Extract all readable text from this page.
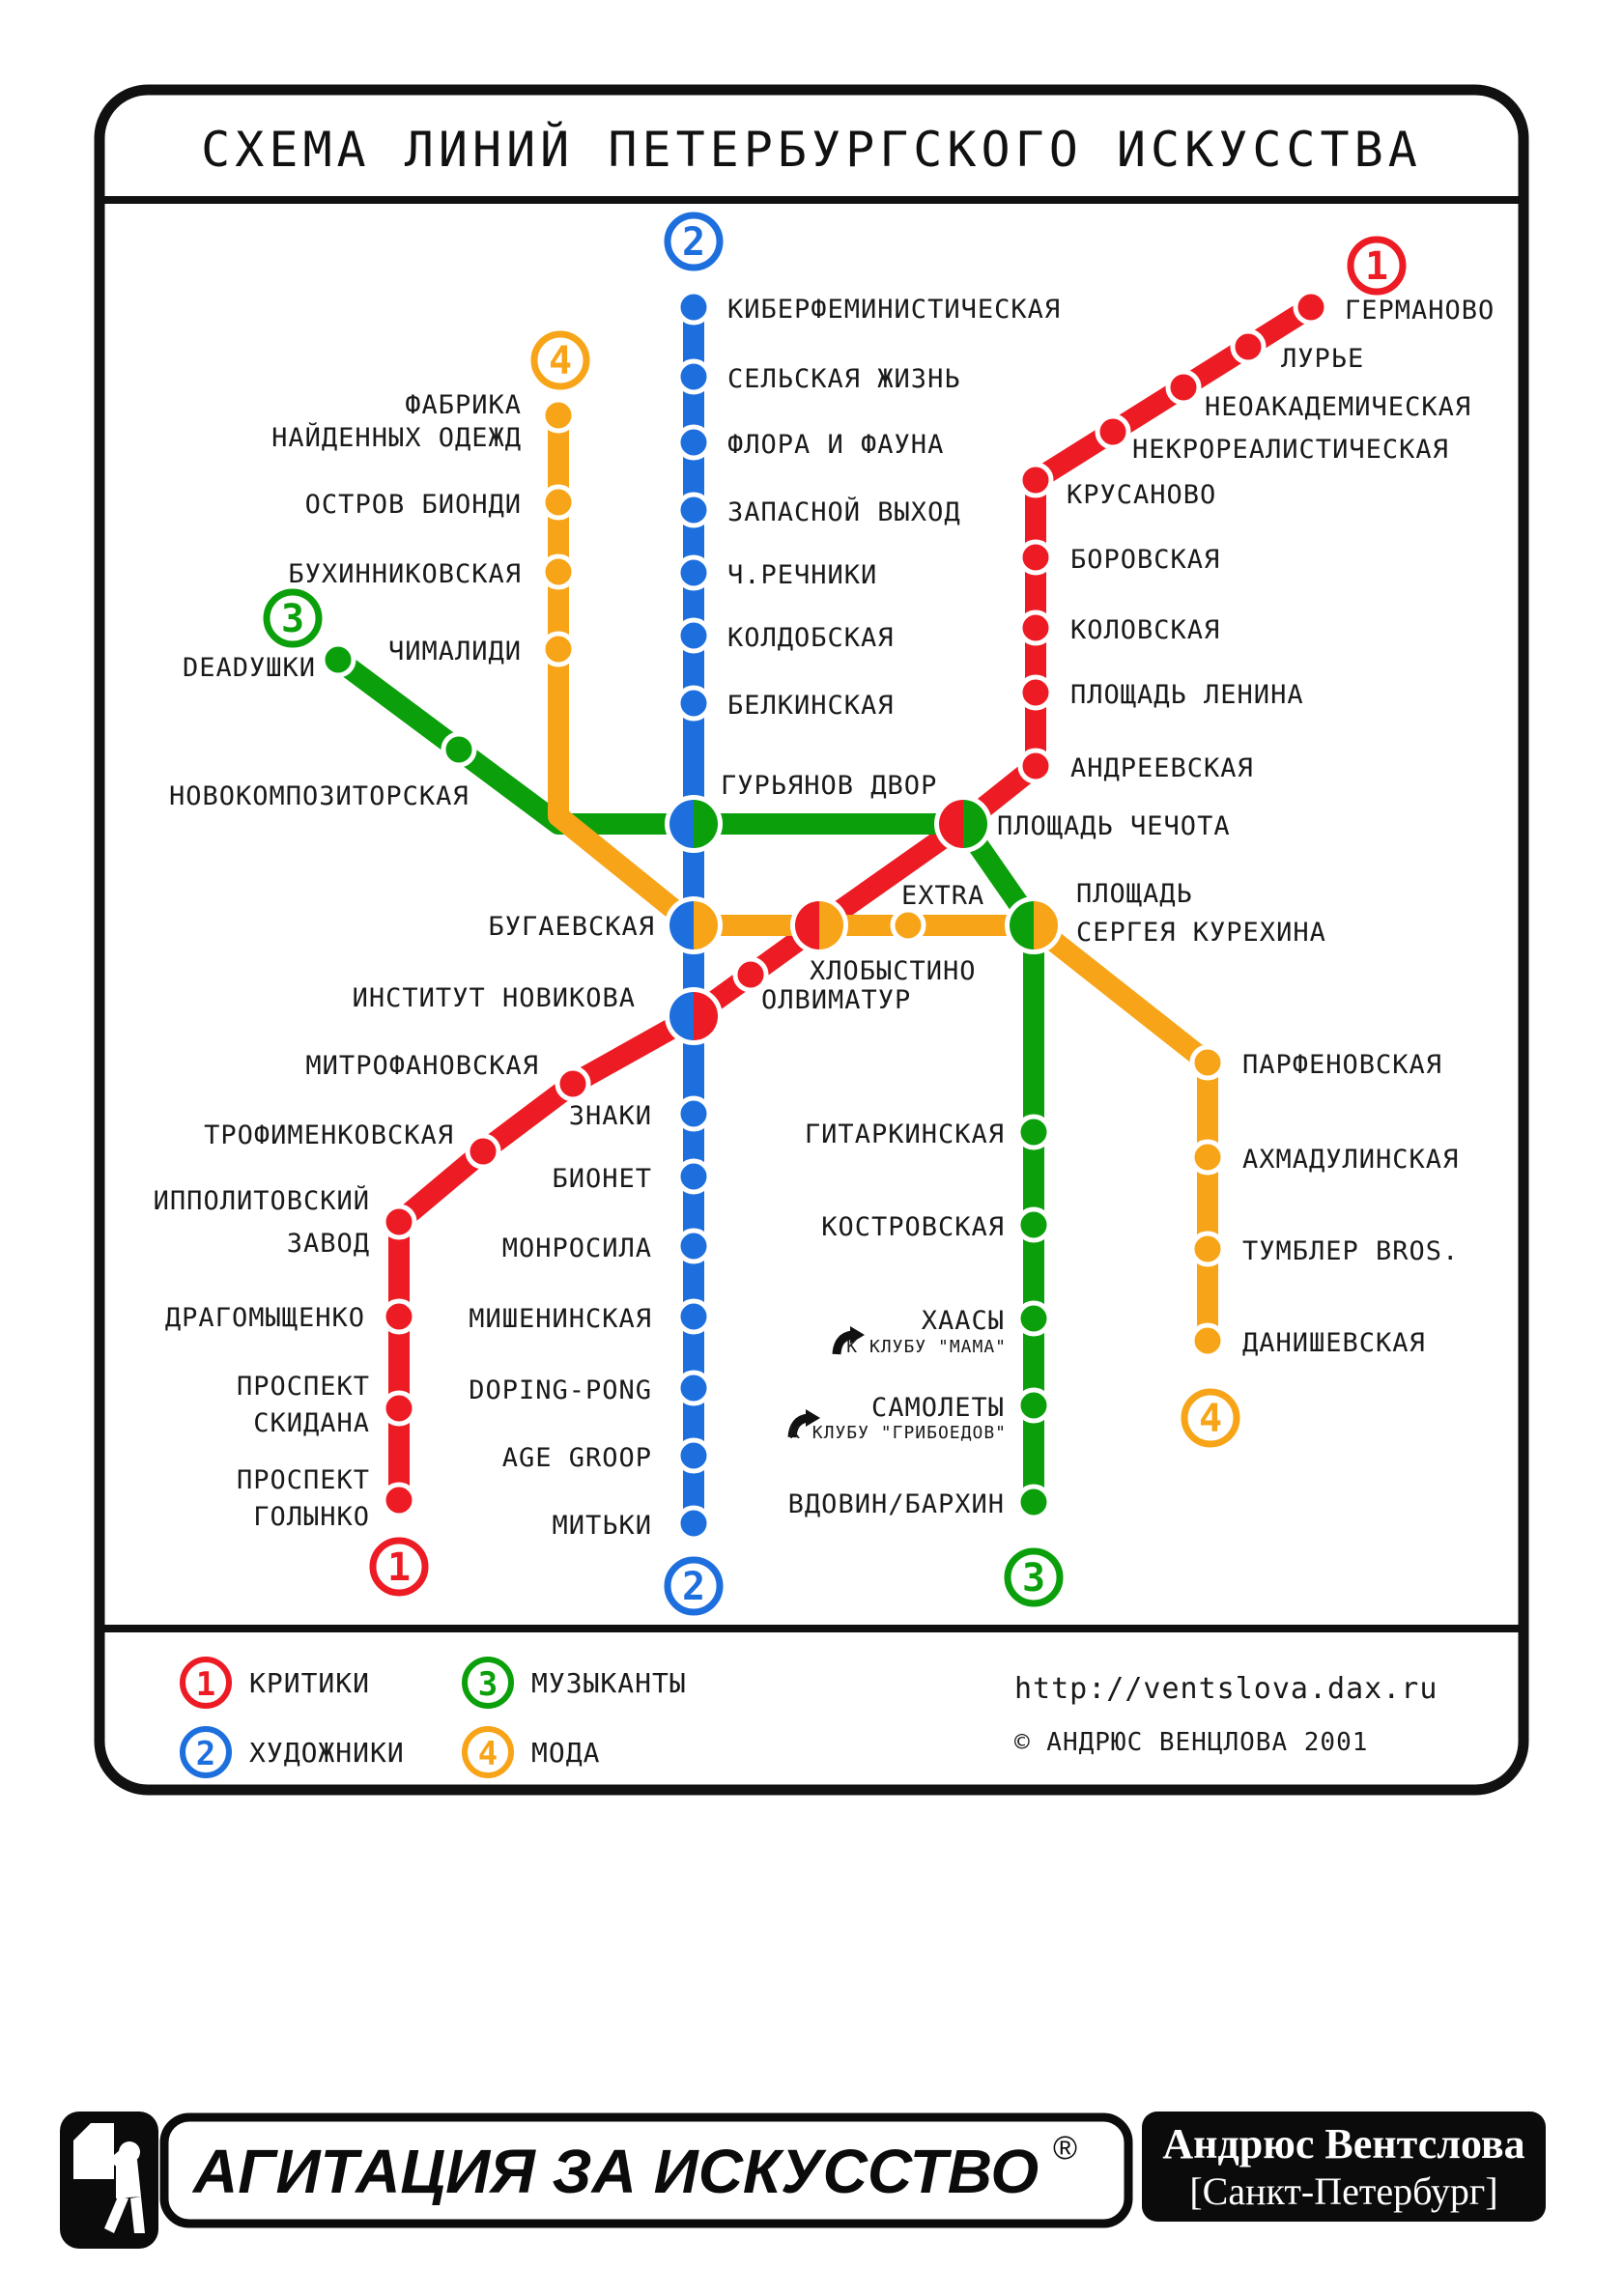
СХЕМА ЛИНИЙ ПЕТЕРБУРГСКОГО ИСКУССТВА
ГЕРМАНОВО
ЛУРЬЕ
НЕОАКАДЕМИЧЕСКАЯ
НЕКРОРЕАЛИСТИЧЕСКАЯ
КРУСАНОВО
БОРОВСКАЯ
КОЛОВСКАЯ
ПЛОЩАДЬ ЛЕНИНА
АНДРЕЕВСКАЯ
ОЛВИМАТУР
МИТРОФАНОВСКАЯ
ТРОФИМЕНКОВСКАЯ
ИППОЛИТОВСКИЙ
ЗАВОД
ДРАГОМЫЩЕНКО
ПРОСПЕКТ
СКИДАНА
ПРОСПЕКТ
ГОЛЫНКО
1
1
КИБЕРФЕМИНИСТИЧЕСКАЯ
СЕЛЬСКАЯ ЖИЗНЬ
ФЛОРА И ФАУНА
ЗАПАСНОЙ ВЫХОД
Ч.РЕЧНИКИ
КОЛДОБСКАЯ
БЕЛКИНСКАЯ
ЗНАКИ
БИОНЕТ
МОНРОСИЛА
МИШЕНИНСКАЯ
DOPING-PONG
AGE GROOP
МИТЬКИ
2
2
DEADУШКИ
НОВОКОМПОЗИТОРСКАЯ
ГИТАРКИНСКАЯ
КОСТРОВСКАЯ
ХААСЫ
К КЛУБУ "МАМА"
САМОЛЕТЫ
К КЛУБУ "ГРИБОЕДОВ"
ВДОВИН/БАРХИН
3
3
ФАБРИКА
НАЙДЕННЫХ ОДЕЖД
ОСТРОВ БИОНДИ
БУХИННИКОВСКАЯ
ЧИМАЛИДИ
EXTRA
ПАРФЕНОВСКАЯ
АХМАДУЛИНСКАЯ
ТУМБЛЕР BROS.
ДАНИШЕВСКАЯ
4
4
ГУРЬЯНОВ ДВОР
ПЛОЩАДЬ ЧЕЧОТА
БУГАЕВСКАЯ
ХЛОБЫСТИНО
ПЛОЩАДЬ
СЕРГЕЯ КУРЕХИНА
ИНСТИТУТ НОВИКОВА
1 КРИТИКИ
2 ХУДОЖНИКИ
3 МУЗЫКАНТЫ
4 МОДА
http://ventslova.dax.ru
© АНДРЮС ВЕНЦЛОВА 2001
АГИТАЦИЯ ЗА ИСКУССТВО ® Андрюс Вентслова
[Санкт-Петербург]
